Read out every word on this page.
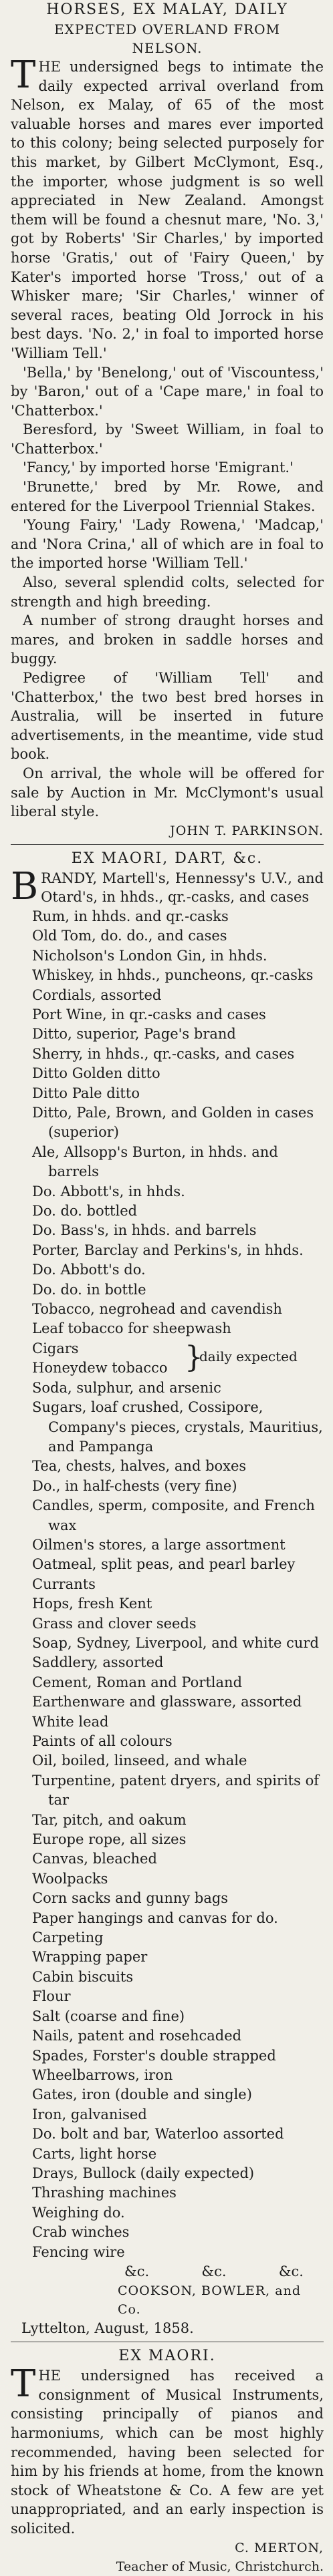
HORSES, EX MALAY, DAILY

EXPECTED OVERLAND FROM

NELSON.

THE undersigned begs to intimate the daily expected arrival overland from Nelson, ex Malay, of 65 of the most valuable horses and mares ever imported to this colony; being selected purposely for this market, by Gilbert McClymont, Esq., the importer, whose judgment is so well appreciated in New Zealand. Amongst them will be found a chesnut mare, 'No. 3,' got by Roberts' 'Sir Charles,' by imported horse 'Gratis,' out of 'Fairy Queen,' by Kater's imported horse 'Tross,' out of a Whisker mare; 'Sir Charles,' winner of several races, beating Old Jorrock in his best days. 'No. 2,' in foal to imported horse 'William Tell.'

'Bella,' by 'Benelong,' out of 'Viscountess,' by 'Baron,' out of a 'Cape mare,' in foal to 'Chatterbox.'

Beresford, by 'Sweet William, in foal to 'Chatterbox.'

'Fancy,' by imported horse 'Emigrant.'

'Brunette,' bred by Mr. Rowe, and entered for the Liverpool Triennial Stakes.

'Young Fairy,' 'Lady Rowena,' 'Madcap,' and 'Nora Crina,' all of which are in foal to the imported horse 'William Tell.'

Also, several splendid colts, selected for strength and high breeding.

A number of strong draught horses and mares, and broken in saddle horses and buggy.

Pedigree of 'William Tell' and 'Chatterbox,' the two best bred horses in Australia, will be inserted in future advertisements, in the meantime, vide stud book.

On arrival, the whole will be offered for sale by Auction in Mr. McClymont's usual liberal style.

JOHN T. PARKINSON.

EX MAORI, DART, &c.

BRANDY, Martell's, Hennessy's U.V., and Otard's, in hhds., qr.-casks, and cases

Rum, in hhds. and qr.-casks
Old Tom, do. do., and cases
Nicholson's London Gin, in hhds.
Whiskey, in hhds., puncheons, qr.-casks
Cordials, assorted
Port Wine, in qr.-casks and cases
Ditto, superior, Page's brand
Sherry, in hhds., qr.-casks, and cases
Ditto Golden ditto
Ditto Pale ditto
Ditto, Pale, Brown, and Golden in cases (superior)
Ale, Allsopp's Burton, in hhds. and barrels
Do. Abbott's, in hhds.
Do. do. bottled
Do. Bass's, in hhds. and barrels
Porter, Barclay and Perkins's, in hhds.
Do. Abbott's do.
Do. do. in bottle
Tobacco, negrohead and cavendish
Leaf tobacco for sheepwash
Cigars
Honeydew tobacco }
daily expected
Soda, sulphur, and arsenic
Sugars, loaf crushed, Cossipore, Company's pieces, crystals, Mauritius, and Pampanga
Tea, chests, halves, and boxes
Do., in half-chests (very fine)
Candles, sperm, composite, and French wax
Oilmen's stores, a large assortment
Oatmeal, split peas, and pearl barley
Currants
Hops, fresh Kent
Grass and clover seeds
Soap, Sydney, Liverpool, and white curd
Saddlery, assorted
Cement, Roman and Portland
Earthenware and glassware, assorted
White lead
Paints of all colours
Oil, boiled, linseed, and whale
Turpentine, patent dryers, and spirits of tar
Tar, pitch, and oakum
Europe rope, all sizes
Canvas, bleached
Woolpacks
Corn sacks and gunny bags
Paper hangings and canvas for do.
Carpeting
Wrapping paper
Cabin biscuits
Flour
Salt (coarse and fine)
Nails, patent and rosehcaded
Spades, Forster's double strapped
Wheelbarrows, iron
Gates, iron (double and single)
Iron, galvanised
Do. bolt and bar, Waterloo assorted
Carts, light horse
Drays, Bullock (daily expected)
Thrashing machines
Weighing do.
Crab winches
Fencing wire
&c.	&c.	&c.

COOKSON, BOWLER, and Co.

Lyttelton, August, 1858.

EX MAORI.

THE undersigned has received a consignment of Musical Instruments, consisting principally of pianos and harmoniums, which can be most highly recommended, having been selected for him by his friends at home, from the known stock of Wheatstone & Co. A few are yet unappropriated, and an early inspection is solicited.

C. MERTON,

Teacher of Music, Christchurch.
